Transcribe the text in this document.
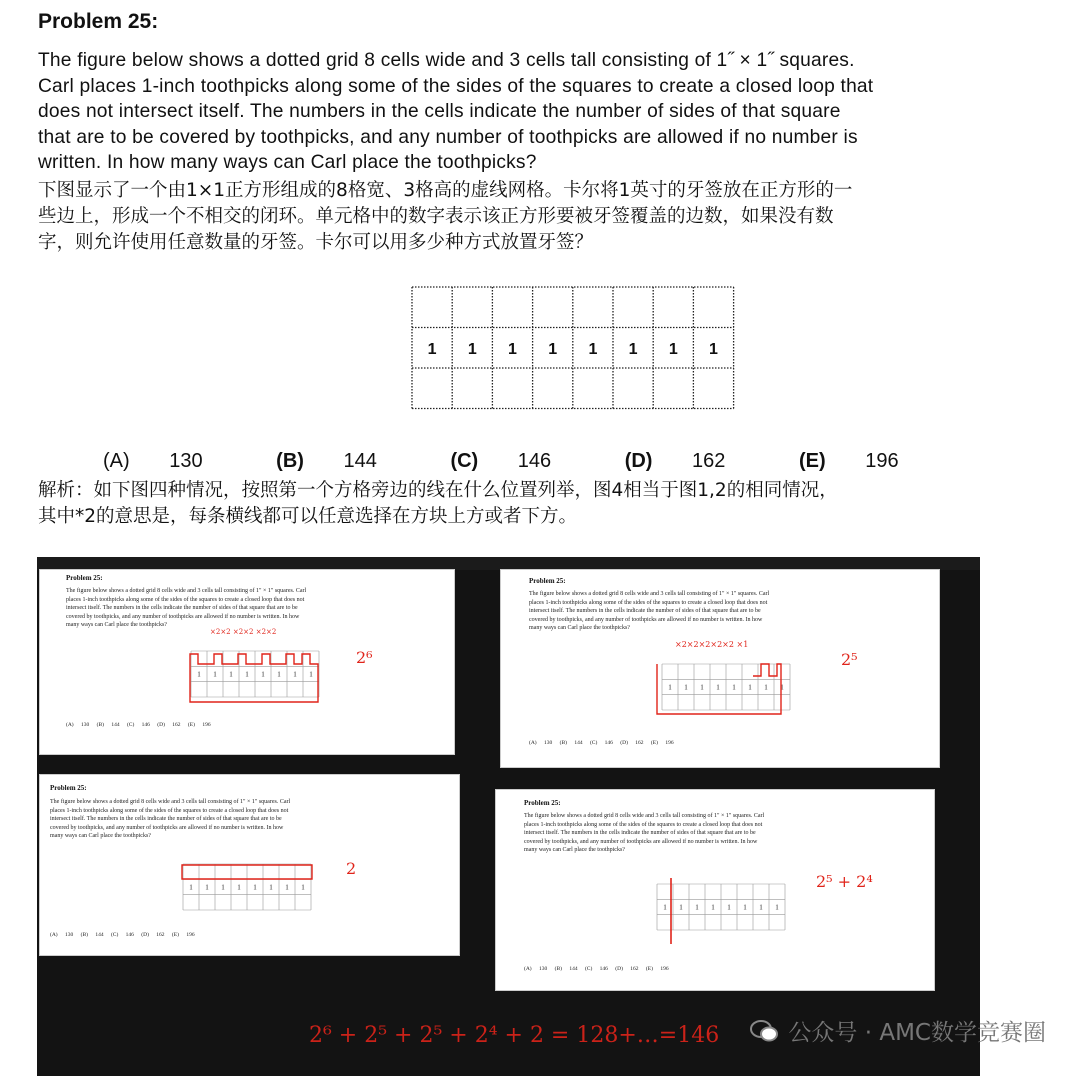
Problem 25:

The figure below shows a dotted grid 8 cells wide and 3 cells tall consisting of 1˝ × 1˝ squares.

Carl places 1-inch toothpicks along some of the sides of the squares to create a closed loop that

does not intersect itself. The numbers in the cells indicate the number of sides of that square

that are to be covered by toothpicks, and any number of toothpicks are allowed if no number is

written. In how many ways can Carl place the toothpicks?

下图显示了一个由1×1正方形组成的8格宽、3格高的虚线网格。卡尔将1英寸的牙签放在正方形的一
些边上，形成一个不相交的闭环。单元格中的数字表示该正方形要被牙签覆盖的边数，如果没有数
字，则允许使用任意数量的牙签。卡尔可以用多少种方式放置牙签？
1 1 1 1 1 1 1 1
(A) 130	(B) 144	(C) 146	(D) 162	(E) 196
解析：如下图四种情况，按照第一个方格旁边的线在什么位置列举，图4相当于图1,2的相同情况，
其中*2的意思是，每条横线都可以任意选择在方块上方或者下方。
Problem 25:
The figure below shows a dotted grid 8 cells wide and 3 cells tall consisting of 1″ × 1″ squares. Carl
places 1-inch toothpicks along some of the sides of the squares to create a closed loop that does not
intersect itself. The numbers in the cells indicate the number of sides of that square that are to be
covered by toothpicks, and any number of toothpicks are allowed if no number is written. In how
many ways can Carl place the toothpicks?
1 1 1 1 1 1 1 1
×2×2 ×2×2 ×2×2
2⁶
(A) 130 (B) 144 (C) 146 (D) 162 (E) 196
Problem 25:
The figure below shows a dotted grid 8 cells wide and 3 cells tall consisting of 1″ × 1″ squares. Carl
places 1-inch toothpicks along some of the sides of the squares to create a closed loop that does not
intersect itself. The numbers in the cells indicate the number of sides of that square that are to be
covered by toothpicks, and any number of toothpicks are allowed if no number is written. In how
many ways can Carl place the toothpicks?
1 1 1 1 1 1 1 1
×2×2×2×2×2 ×1
2⁵
(A) 130 (B) 144 (C) 146 (D) 162 (E) 196
Problem 25:
The figure below shows a dotted grid 8 cells wide and 3 cells tall consisting of 1″ × 1″ squares. Carl
places 1-inch toothpicks along some of the sides of the squares to create a closed loop that does not
intersect itself. The numbers in the cells indicate the number of sides of that square that are to be
covered by toothpicks, and any number of toothpicks are allowed if no number is written. In how
many ways can Carl place the toothpicks?
1 1 1 1 1 1 1 1
2
(A) 130 (B) 144 (C) 146 (D) 162 (E) 196
Problem 25:
The figure below shows a dotted grid 8 cells wide and 3 cells tall consisting of 1″ × 1″ squares. Carl
places 1-inch toothpicks along some of the sides of the squares to create a closed loop that does not
intersect itself. The numbers in the cells indicate the number of sides of that square that are to be
covered by toothpicks, and any number of toothpicks are allowed if no number is written. In how
many ways can Carl place the toothpicks?
1 1 1 1 1 1 1 1
2⁵ + 2⁴
(A) 130 (B) 144 (C) 146 (D) 162 (E) 196
2⁶ + 2⁵ + 2⁵ + 2⁴ + 2 = 128+…=146	公众号 · AMC数学竞赛圈
